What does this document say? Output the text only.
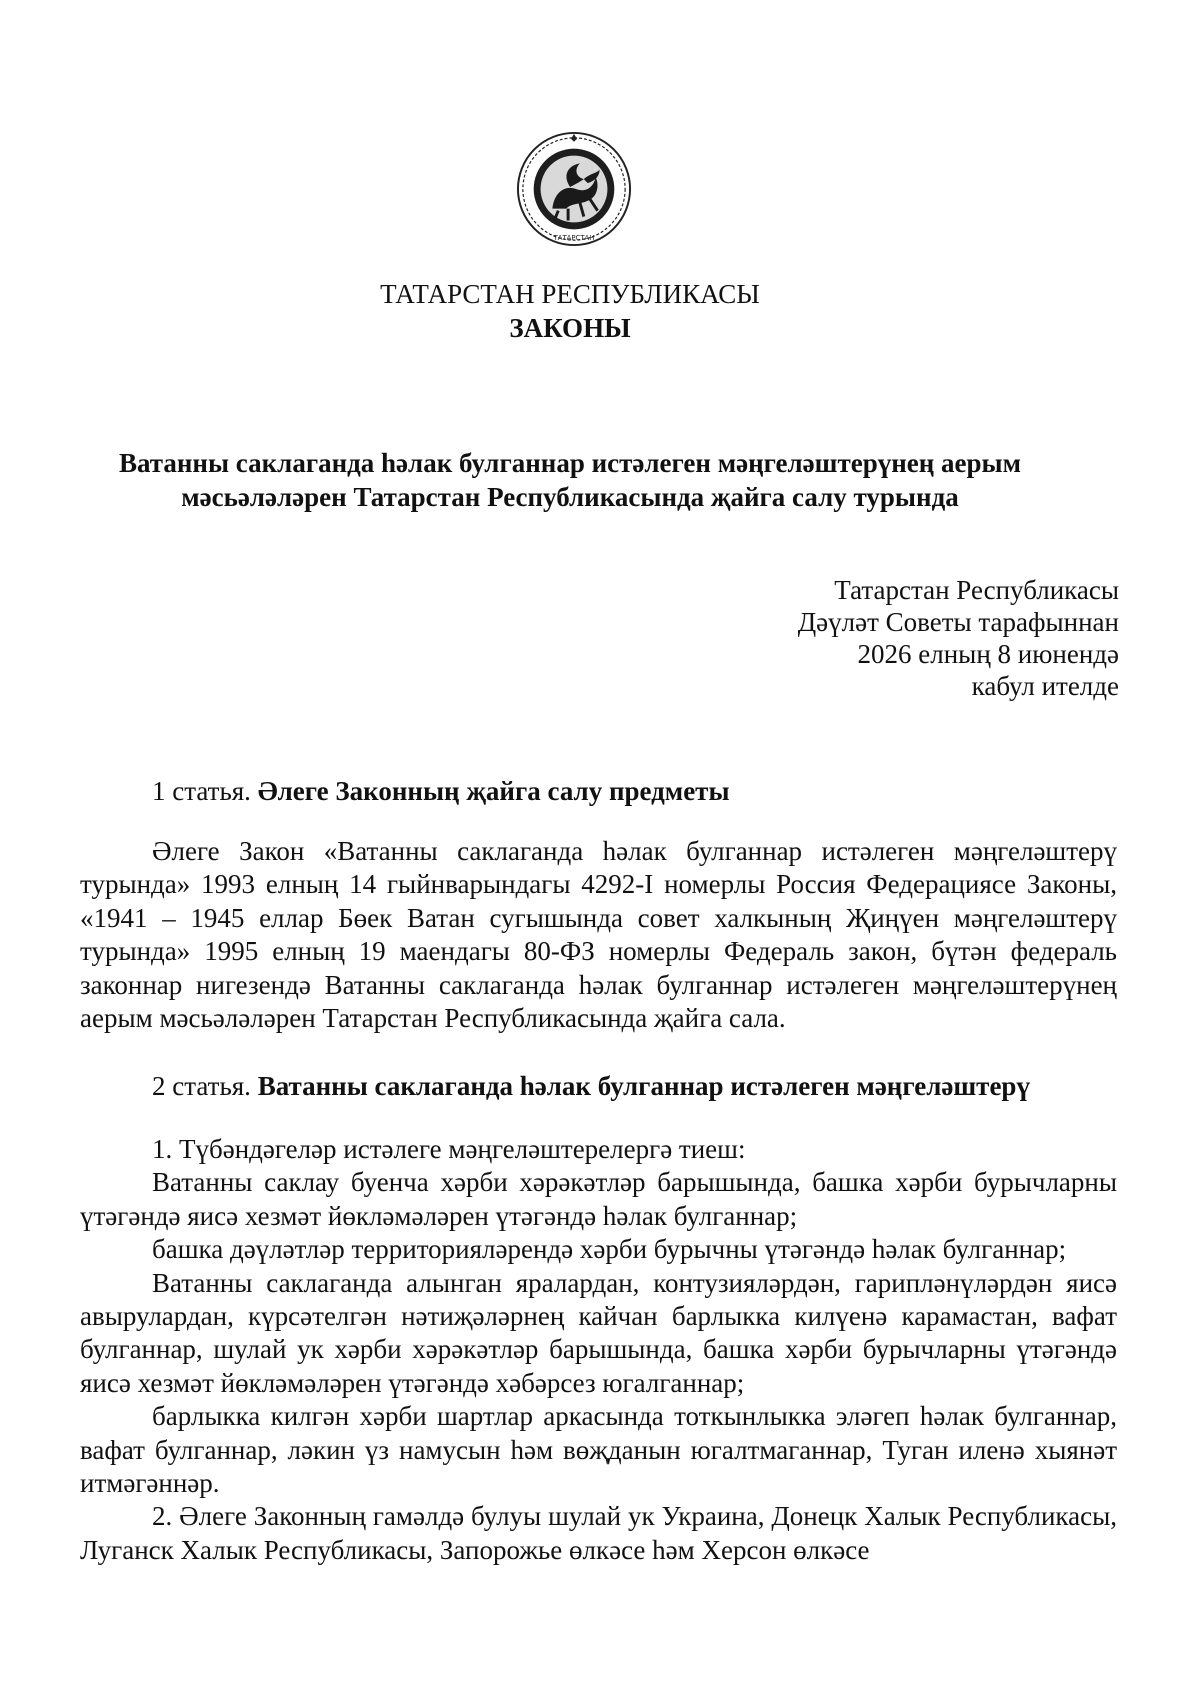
ТАТАРСТАН
ТАТАРСТАН РЕСПУБЛИКАСЫ
ЗАКОНЫ
Ватанны саклаганда һәлак булганнар истәлеген мәңгеләштерүнең аерым
мәсьәләләрен Татарстан Республикасында җайга салу турында
Татарстан Республикасы
Дәүләт Советы тарафыннан
2026 елның 8 июнендә
кабул ителде
1 статья. Әлеге Законның җайга салу предметы

Әлеге Закон «Ватанны саклаганда һәлак булганнар истәлеген мәңгеләштерү турында» 1993 елның 14 гыйнварындагы 4292-I номерлы Россия Федерациясе Законы, «1941 – 1945 еллар Бөек Ватан сугышында совет халкының Җиңүен мәңгеләштерү турында» 1995 елның 19 маендагы 80-ФЗ номерлы Федераль закон, бүтән федераль законнар нигезендә Ватанны саклаганда һәлак булганнар истәлеген мәңгеләштерүнең аерым мәсьәләләрен Татарстан Республикасында җайга сала.

2 статья. Ватанны саклаганда һәлак булганнар истәлеген мәңгеләштерү

1. Түбәндәгеләр истәлеге мәңгеләштерелергә тиеш:

Ватанны саклау буенча хәрби хәрәкәтләр барышында, башка хәрби бурычларны үтәгәндә яисә хезмәт йөкләмәләрен үтәгәндә һәлак булганнар;

башка дәүләтләр территорияләрендә хәрби бурычны үтәгәндә һәлак булганнар;

Ватанны саклаганда алынган яралардан, контузияләрдән, гарипләнүләрдән яисә авырулардан, күрсәтелгән нәтиҗәләрнең кайчан барлыкка килүенә карамастан, вафат булганнар, шулай ук хәрби хәрәкәтләр барышында, башка хәрби бурычларны үтәгәндә яисә хезмәт йөкләмәләрен үтәгәндә хәбәрсез югалганнар;

барлыкка килгән хәрби шартлар аркасында тоткынлыкка эләгеп һәлак булганнар, вафат булганнар, ләкин үз намусын һәм вөҗданын югалтмаганнар, Туган иленә хыянәт итмәгәннәр.

2. Әлеге Законның гамәлдә булуы шулай ук Украина, Донецк Халык Республикасы, Луганск Халык Республикасы, Запорожье өлкәсе һәм Херсон өлкәсе
